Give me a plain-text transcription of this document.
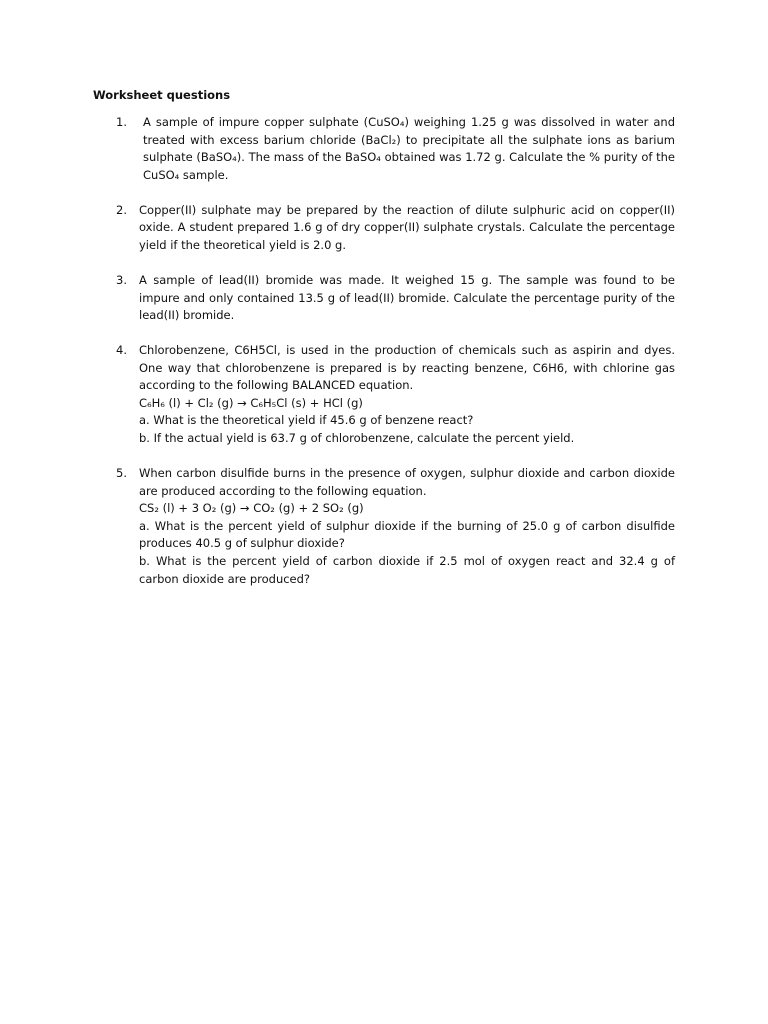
Worksheet questions
1.	A sample of impure copper sulphate (CuSO₄) weighing 1.25 g was dissolved in water and treated with excess barium chloride (BaCl₂) to precipitate all the sulphate ions as barium sulphate (BaSO₄). The mass of the BaSO₄ obtained was 1.72 g. Calculate the % purity of the CuSO₄ sample.

2. Copper(II) sulphate may be prepared by the reaction of dilute sulphuric acid on copper(II) oxide. A student prepared 1.6 g of dry copper(II) sulphate crystals. Calculate the percentage yield if the theoretical yield is 2.0 g.

3. A sample of lead(II) bromide was made. It weighed 15 g. The sample was found to be impure and only contained 13.5 g of lead(II) bromide. Calculate the percentage purity of the lead(II) bromide.

4. Chlorobenzene, C6H5Cl, is used in the production of chemicals such as aspirin and dyes. One way that chlorobenzene is prepared is by reacting benzene, C6H6, with chlorine gas according to the following BALANCED equation.

C₆H₆ (l) + Cl₂ (g) → C₆H₅Cl (s) + HCl (g)
a. What is the theoretical yield if 45.6 g of benzene react?
b. If the actual yield is 63.7 g of chlorobenzene, calculate the percent yield.
5. When carbon disulfide burns in the presence of oxygen, sulphur dioxide and carbon dioxide are produced according to the following equation.

CS₂ (l) + 3 O₂ (g) → CO₂ (g) + 2 SO₂ (g)

a. What is the percent yield of sulphur dioxide if the burning of 25.0 g of carbon disulfide produces 40.5 g of sulphur dioxide?

b. What is the percent yield of carbon dioxide if 2.5 mol of oxygen react and 32.4 g of carbon dioxide are produced?
